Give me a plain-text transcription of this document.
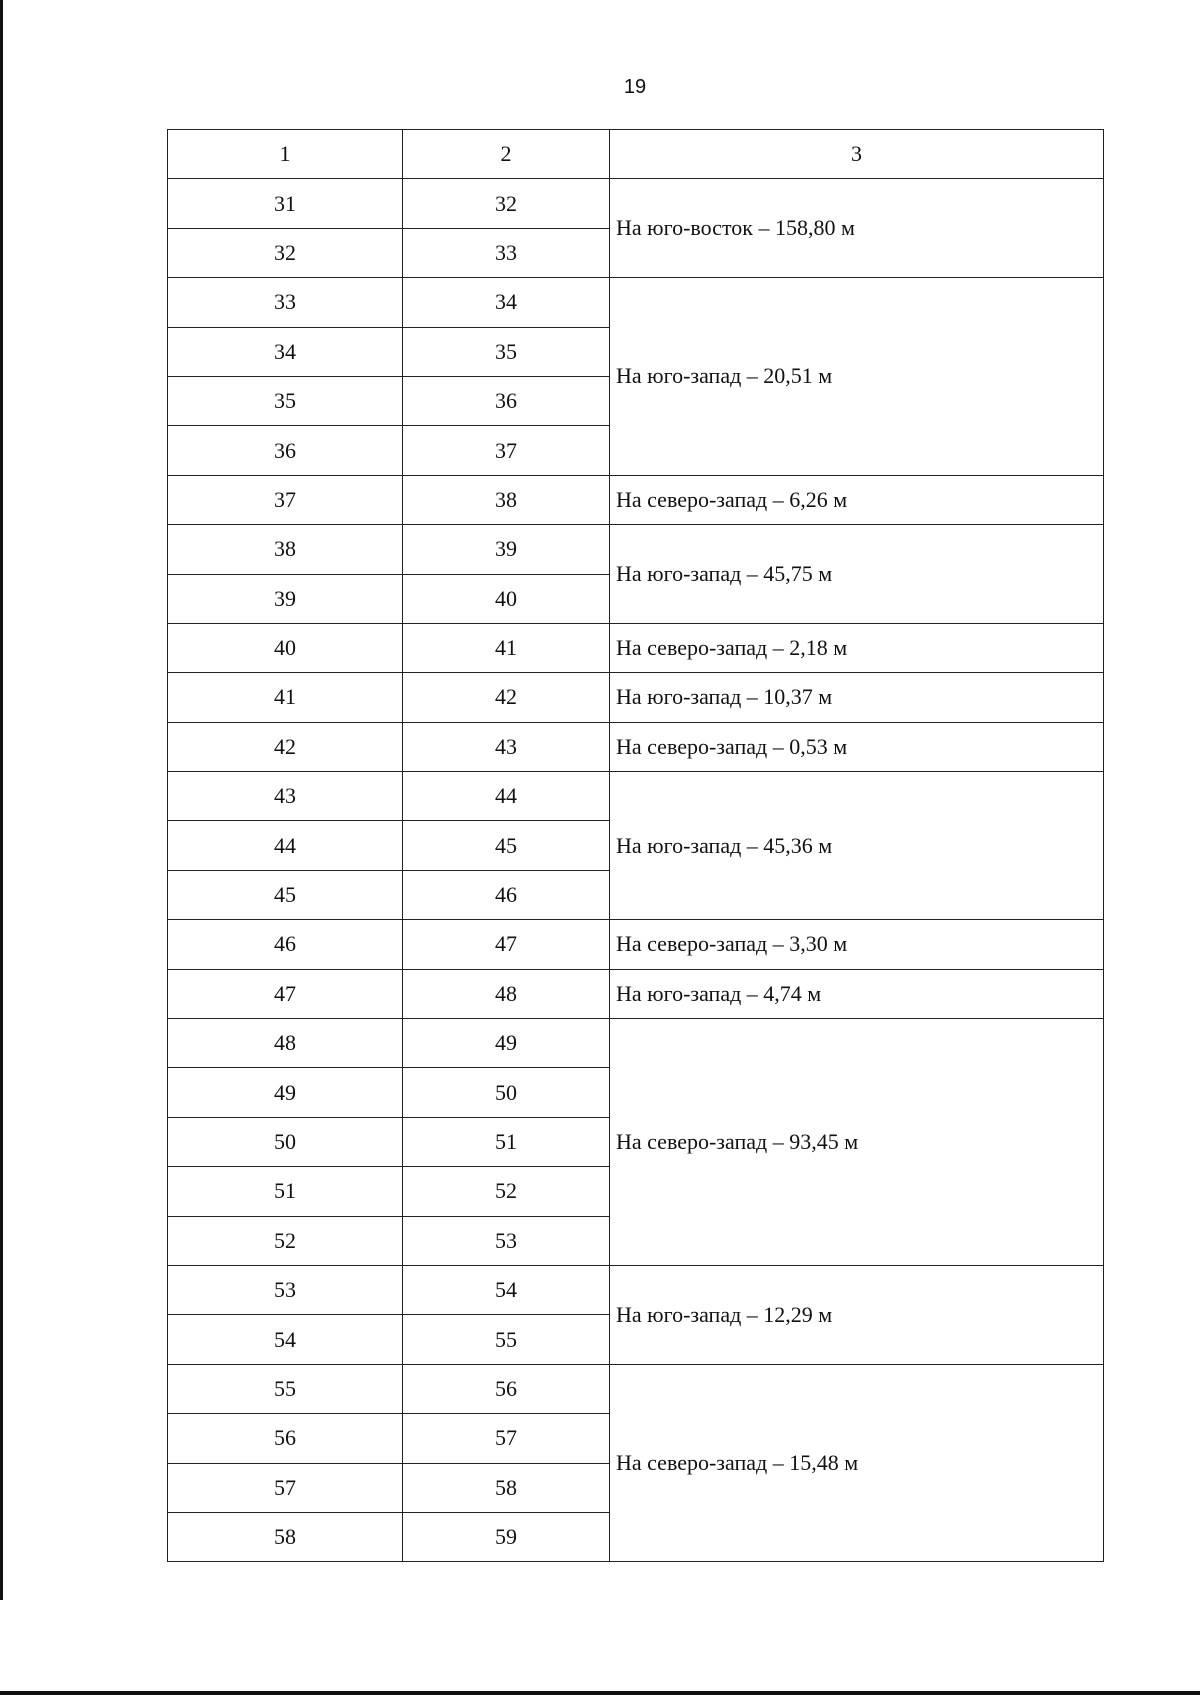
19
1	2	3
31	32	На юго-восток – 158,80 м
32	33	
33	34	На юго-запад – 20,51 м
34	35	
35	36	
36	37	
37	38	На северо-запад – 6,26 м
38	39	На юго-запад – 45,75 м
39	40	
40	41	На северо-запад – 2,18 м
41	42	На юго-запад – 10,37 м
42	43	На северо-запад – 0,53 м
43	44	На юго-запад – 45,36 м
44	45	
45	46	
46	47	На северо-запад – 3,30 м
47	48	На юго-запад – 4,74 м
48	49	На северо-запад – 93,45 м
49	50	
50	51	
51	52	
52	53	
53	54	На юго-запад – 12,29 м
54	55	
55	56	На северо-запад – 15,48 м
56	57	
57	58	
58	59	
